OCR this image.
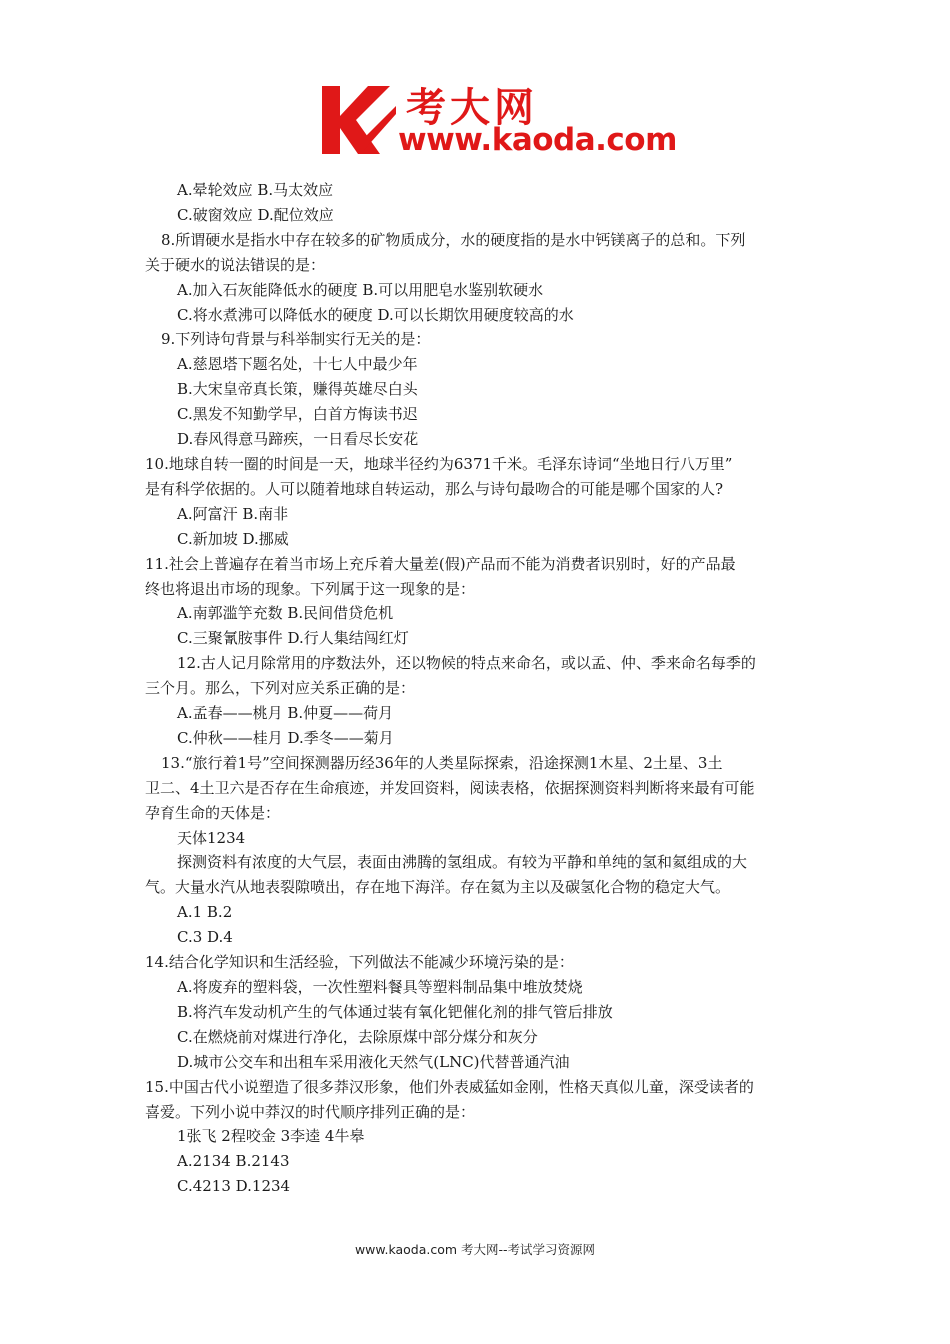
考大网
www.kaoda.com
A.晕轮效应 B.马太效应
C.破窗效应 D.配位效应
8.所谓硬水是指水中存在较多的矿物质成分，水的硬度指的是水中钙镁离子的总和。下列
关于硬水的说法错误的是：
A.加入石灰能降低水的硬度 B.可以用肥皂水鉴别软硬水
C.将水煮沸可以降低水的硬度 D.可以长期饮用硬度较高的水
9.下列诗句背景与科举制实行无关的是：
A.慈恩塔下题名处，十七人中最少年
B.大宋皇帝真长策，赚得英雄尽白头
C.黑发不知勤学早，白首方悔读书迟
D.春风得意马蹄疾，一日看尽长安花
10.地球自转一圈的时间是一天，地球半径约为6371千米。毛泽东诗词“坐地日行八万里”
是有科学依据的。人可以随着地球自转运动，那么与诗句最吻合的可能是哪个国家的人?
A.阿富汗 B.南非
C.新加坡 D.挪威
11.社会上普遍存在着当市场上充斥着大量差(假)产品而不能为消费者识别时，好的产品最
终也将退出市场的现象。下列属于这一现象的是：
A.南郭滥竽充数 B.民间借贷危机
C.三聚氰胺事件 D.行人集结闯红灯
12.古人记月除常用的序数法外，还以物候的特点来命名，或以孟、仲、季来命名每季的
三个月。那么，下列对应关系正确的是：
A.孟春——桃月 B.仲夏——荷月
C.仲秋——桂月 D.季冬——菊月
13.“旅行着1号”空间探测器历经36年的人类星际探索，沿途探测1木星、2土星、3土
卫二、4土卫六是否存在生命痕迹，并发回资料，阅读表格，依据探测资料判断将来最有可能
孕育生命的天体是：
天体1234
探测资料有浓度的大气层，表面由沸腾的氢组成。有较为平静和单纯的氢和氦组成的大
气。大量水汽从地表裂隙喷出，存在地下海洋。存在氦为主以及碳氢化合物的稳定大气。
A.1 B.2
C.3 D.4
14.结合化学知识和生活经验，下列做法不能减少环境污染的是：
A.将废弃的塑料袋，一次性塑料餐具等塑料制品集中堆放焚烧
B.将汽车发动机产生的气体通过装有氧化钯催化剂的排气管后排放
C.在燃烧前对煤进行净化，去除原煤中部分煤分和灰分
D.城市公交车和出租车采用液化天然气(LNC)代替普通汽油
15.中国古代小说塑造了很多莽汉形象，他们外表威猛如金刚，性格天真似儿童，深受读者的
喜爱。下列小说中莽汉的时代顺序排列正确的是：
1张飞 2程咬金 3李逵 4牛皋
A.2134 B.2143
C.4213 D.1234
www.kaoda.com 考大网--考试学习资源网
